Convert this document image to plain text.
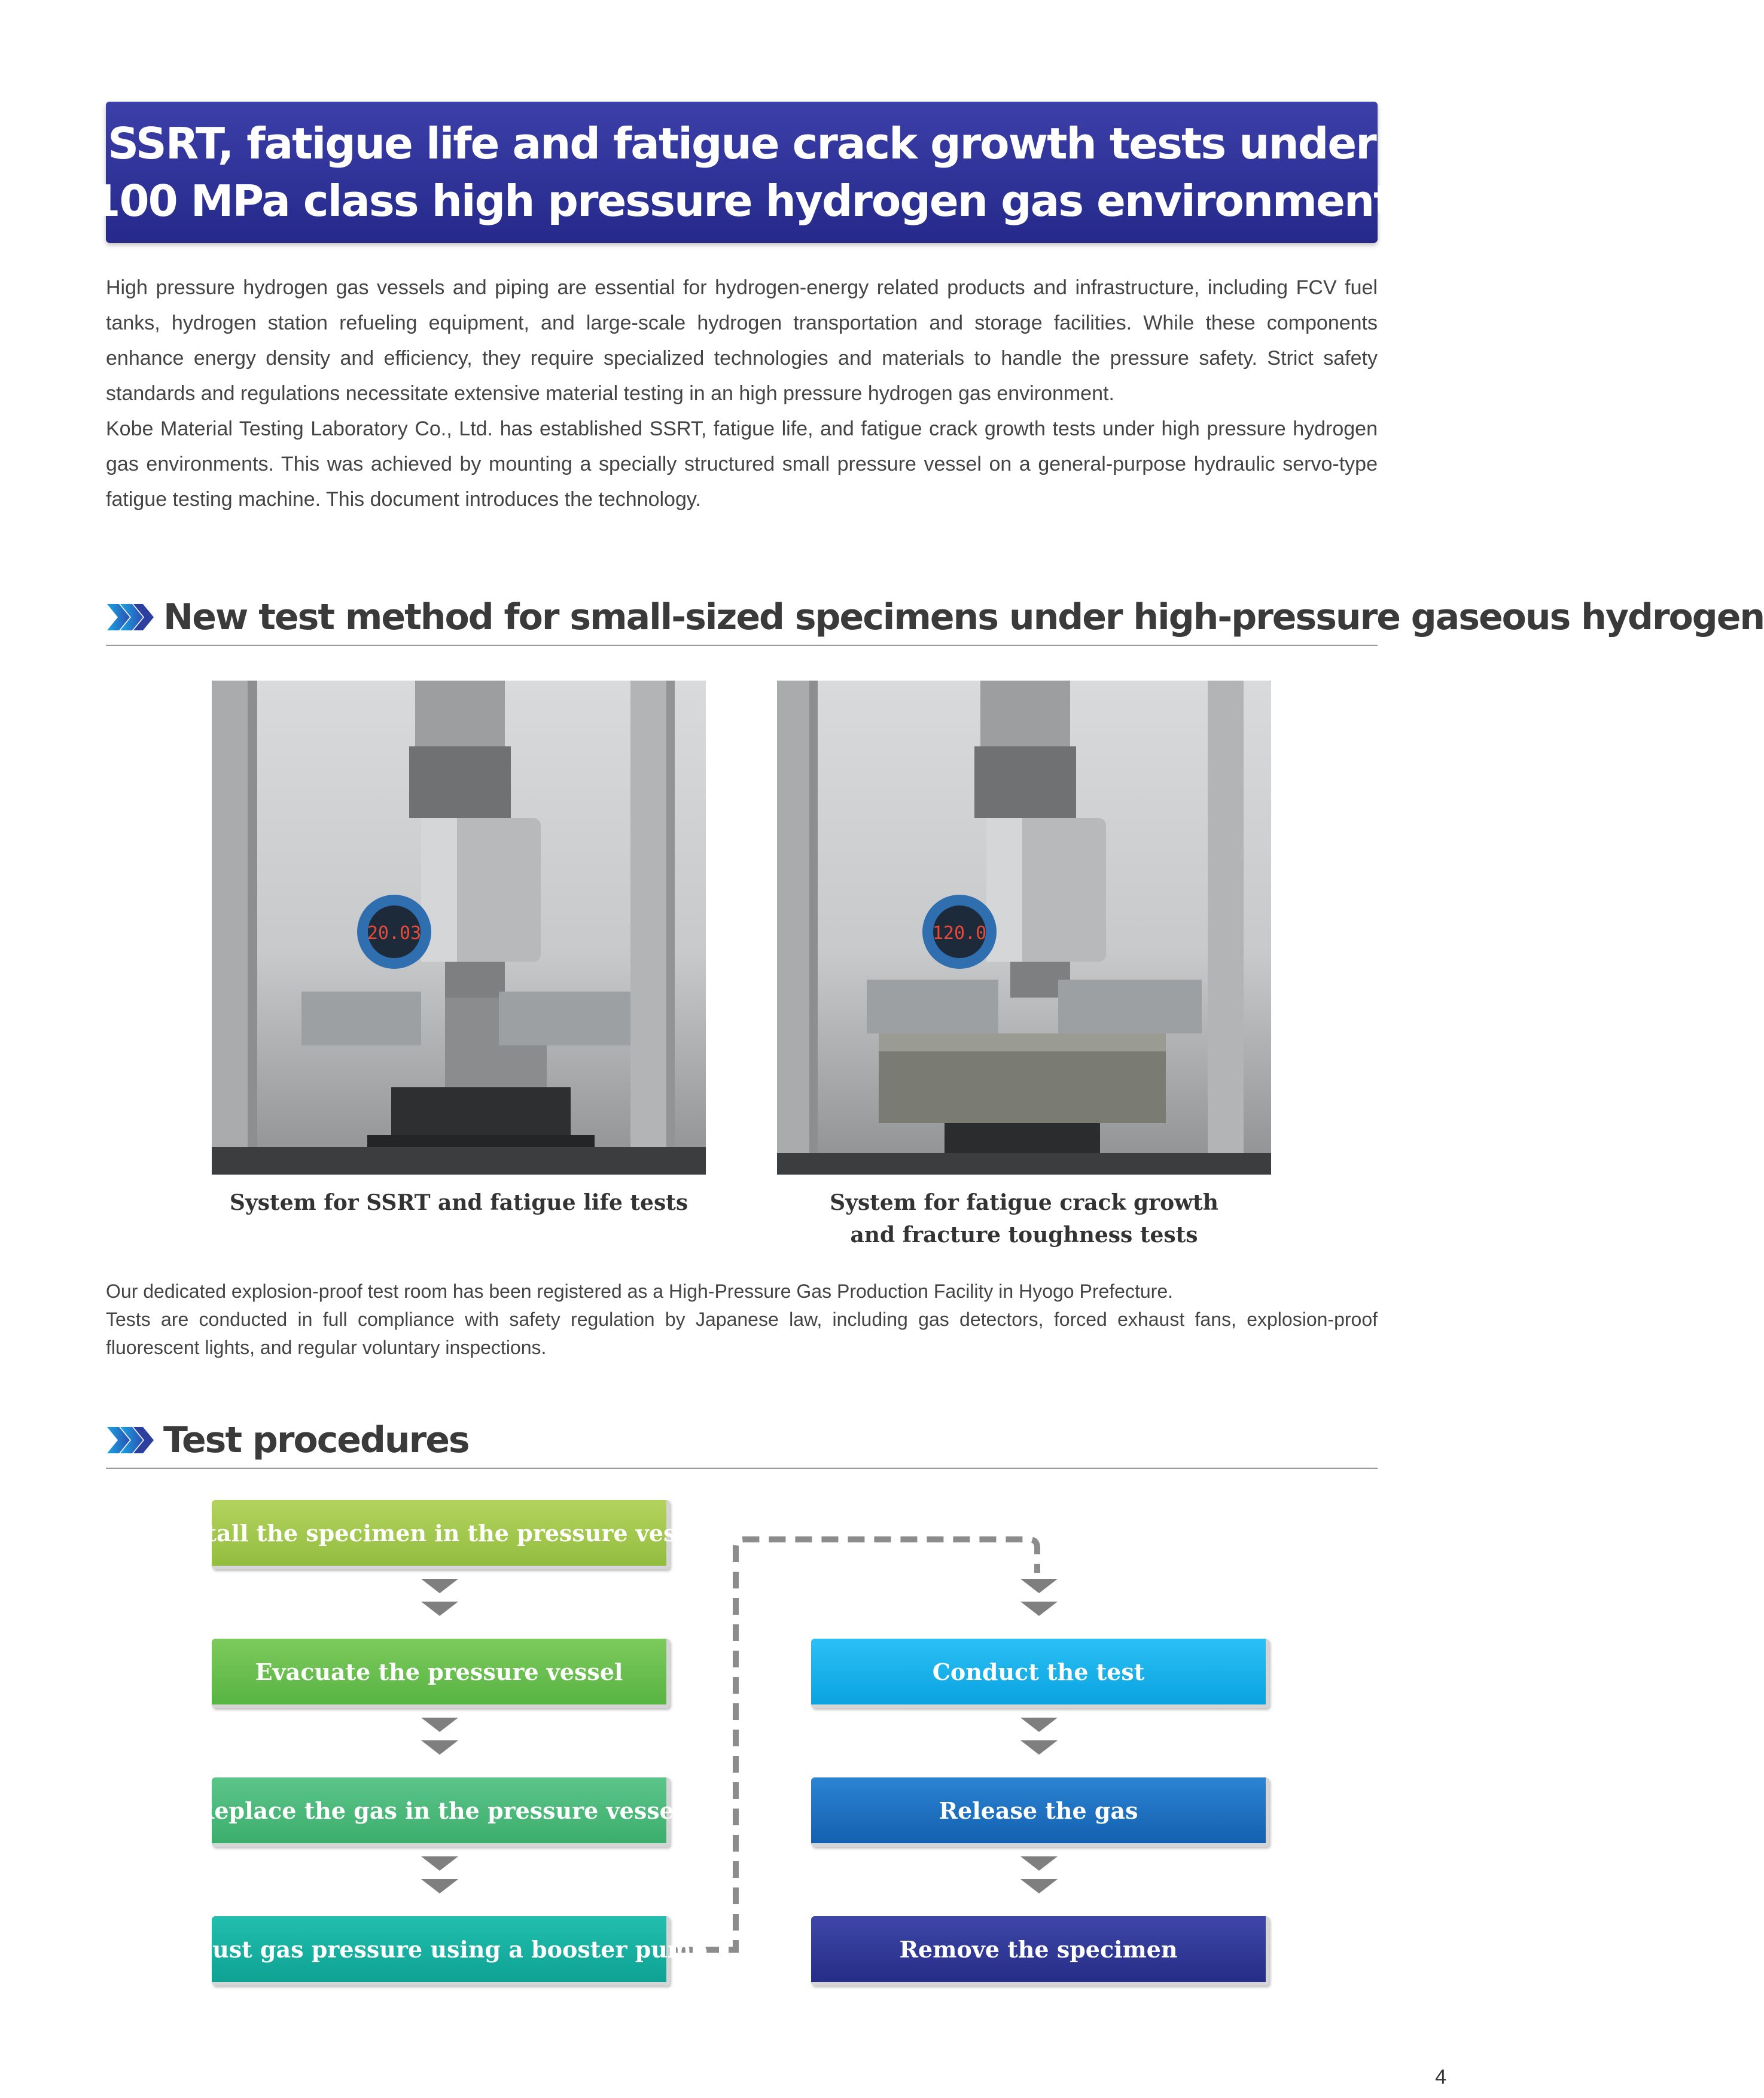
SSRT, fatigue life and fatigue crack growth tests under
100 MPa class high pressure hydrogen gas environment

High pressure hydrogen gas vessels and piping are essential for hydrogen-energy related products and infrastructure, including FCV fuel tanks, hydrogen station refueling equipment, and large-scale hydrogen transportation and storage facilities. While these components enhance energy density and efficiency, they require specialized technologies and materials to handle the pressure safety. Strict safety standards and regulations necessitate extensive material testing in an high pressure hydrogen gas environment.

Kobe Material Testing Laboratory Co., Ltd. has established SSRT, fatigue life, and fatigue crack growth tests under high pressure hydrogen gas environments. This was achieved by mounting a specially structured small pressure vessel on a general-purpose hydraulic servo-type fatigue testing machine. This document introduces the technology.

New test method for small-sized specimens under high-pressure gaseous hydrogen
20.03	120.0
System for SSRT and fatigue life tests	System for fatigue crack growth
and fracture toughness tests

Our dedicated explosion-proof test room has been registered as a High-Pressure Gas Production Facility in Hyogo Prefecture.

Tests are conducted in full compliance with safety regulation by Japanese law, including gas detectors, forced exhaust fans, explosion-proof fluorescent lights, and regular voluntary inspections.

Test procedures
Install the specimen in the pressure vessel
Evacuate the pressure vessel
Replace the gas in the pressure vessel
Adjust gas pressure using a booster pump
Conduct the test
Release the gas
Remove the specimen
4
